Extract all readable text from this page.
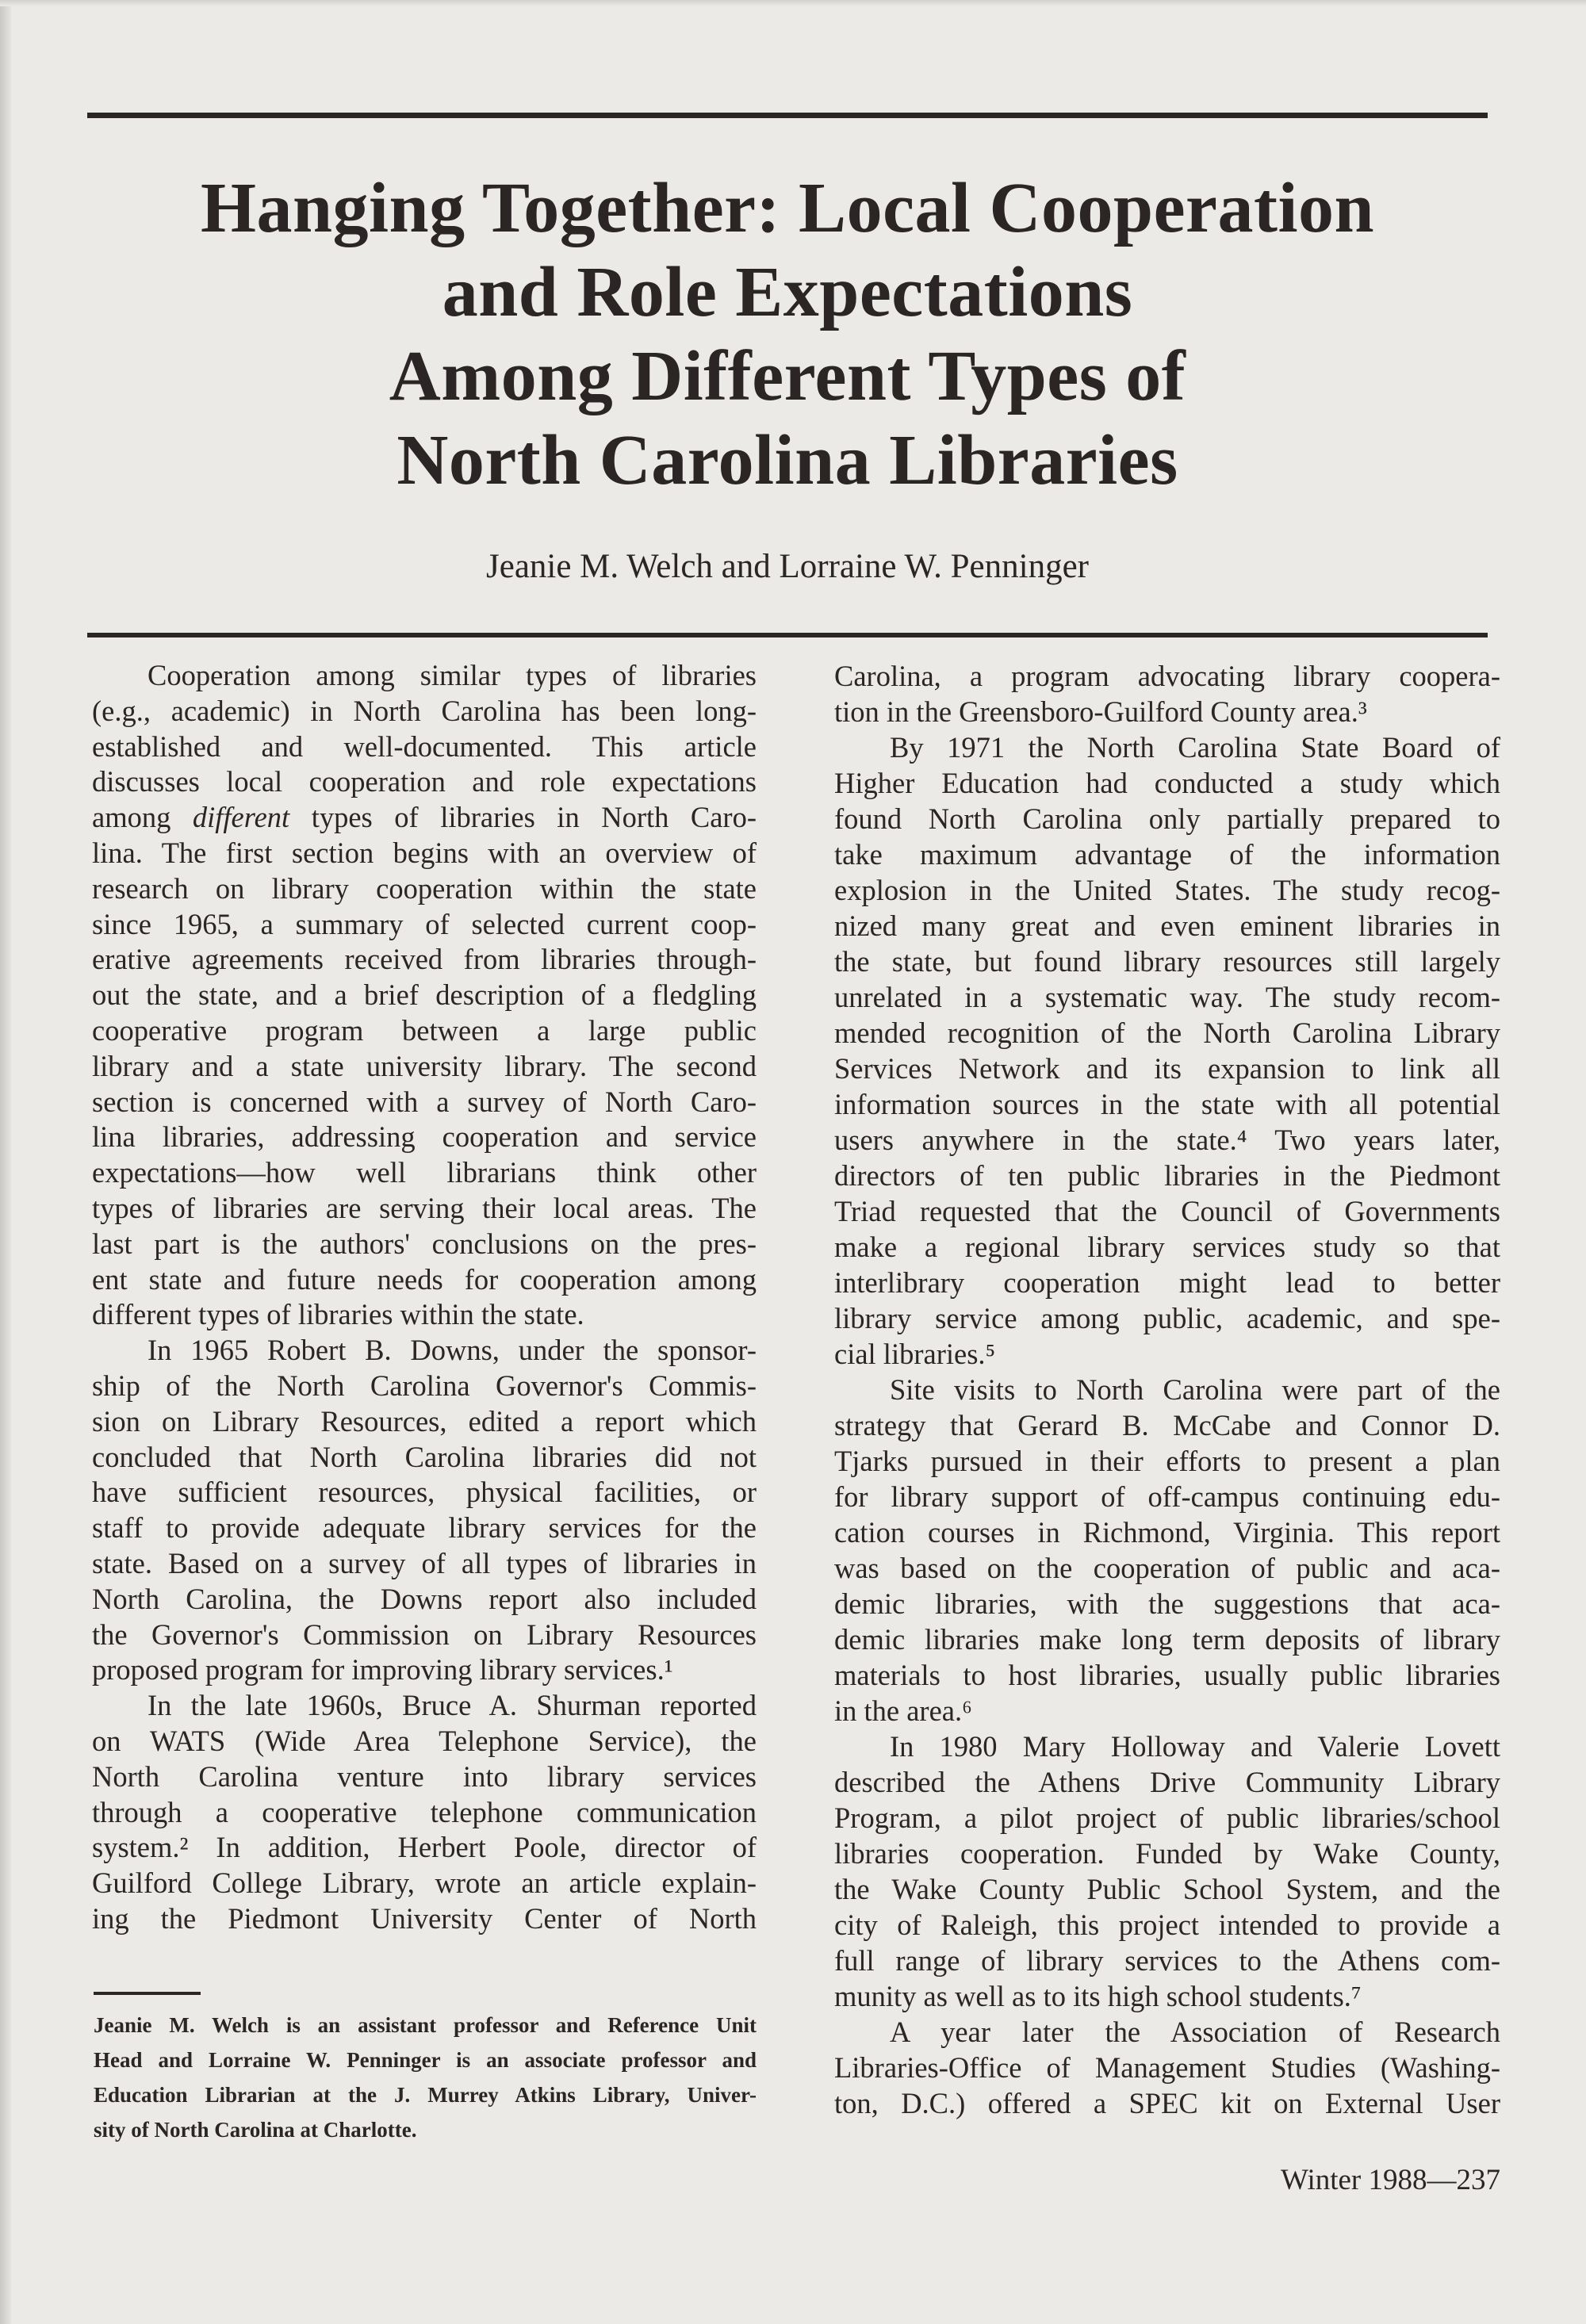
Hanging Together: Local Cooperation
and Role Expectations
Among Different Types of
North Carolina Libraries
Jeanie M. Welch and Lorraine W. Penninger
Cooperation among similar types of libraries
(e.g., academic) in North Carolina has been long-
established and well-documented. This article
discusses local cooperation and role expectations
among different types of libraries in North Caro-
lina. The first section begins with an overview of
research on library cooperation within the state
since 1965, a summary of selected current coop-
erative agreements received from libraries through-
out the state, and a brief description of a fledgling
cooperative program between a large public
library and a state university library. The second
section is concerned with a survey of North Caro-
lina libraries, addressing cooperation and service
expectations—how well librarians think other
types of libraries are serving their local areas. The
last part is the authors' conclusions on the pres-
ent state and future needs for cooperation among
different types of libraries within the state.
In 1965 Robert B. Downs, under the sponsor-
ship of the North Carolina Governor's Commis-
sion on Library Resources, edited a report which
concluded that North Carolina libraries did not
have sufficient resources, physical facilities, or
staff to provide adequate library services for the
state. Based on a survey of all types of libraries in
North Carolina, the Downs report also included
the Governor's Commission on Library Resources
proposed program for improving library services.¹
In the late 1960s, Bruce A. Shurman reported
on WATS (Wide Area Telephone Service), the
North Carolina venture into library services
through a cooperative telephone communication
system.² In addition, Herbert Poole, director of
Guilford College Library, wrote an article explain-
ing the Piedmont University Center of North
Carolina, a program advocating library coopera-
tion in the Greensboro-Guilford County area.³
By 1971 the North Carolina State Board of
Higher Education had conducted a study which
found North Carolina only partially prepared to
take maximum advantage of the information
explosion in the United States. The study recog-
nized many great and even eminent libraries in
the state, but found library resources still largely
unrelated in a systematic way. The study recom-
mended recognition of the North Carolina Library
Services Network and its expansion to link all
information sources in the state with all potential
users anywhere in the state.⁴ Two years later,
directors of ten public libraries in the Piedmont
Triad requested that the Council of Governments
make a regional library services study so that
interlibrary cooperation might lead to better
library service among public, academic, and spe-
cial libraries.⁵
Site visits to North Carolina were part of the
strategy that Gerard B. McCabe and Connor D.
Tjarks pursued in their efforts to present a plan
for library support of off-campus continuing edu-
cation courses in Richmond, Virginia. This report
was based on the cooperation of public and aca-
demic libraries, with the suggestions that aca-
demic libraries make long term deposits of library
materials to host libraries, usually public libraries
in the area.⁶
In 1980 Mary Holloway and Valerie Lovett
described the Athens Drive Community Library
Program, a pilot project of public libraries/school
libraries cooperation. Funded by Wake County,
the Wake County Public School System, and the
city of Raleigh, this project intended to provide a
full range of library services to the Athens com-
munity as well as to its high school students.⁷
A year later the Association of Research
Libraries-Office of Management Studies (Washing-
ton, D.C.) offered a SPEC kit on External User
Jeanie M. Welch is an assistant professor and Reference Unit
Head and Lorraine W. Penninger is an associate professor and
Education Librarian at the J. Murrey Atkins Library, Univer-
sity of North Carolina at Charlotte.
Winter 1988—237
